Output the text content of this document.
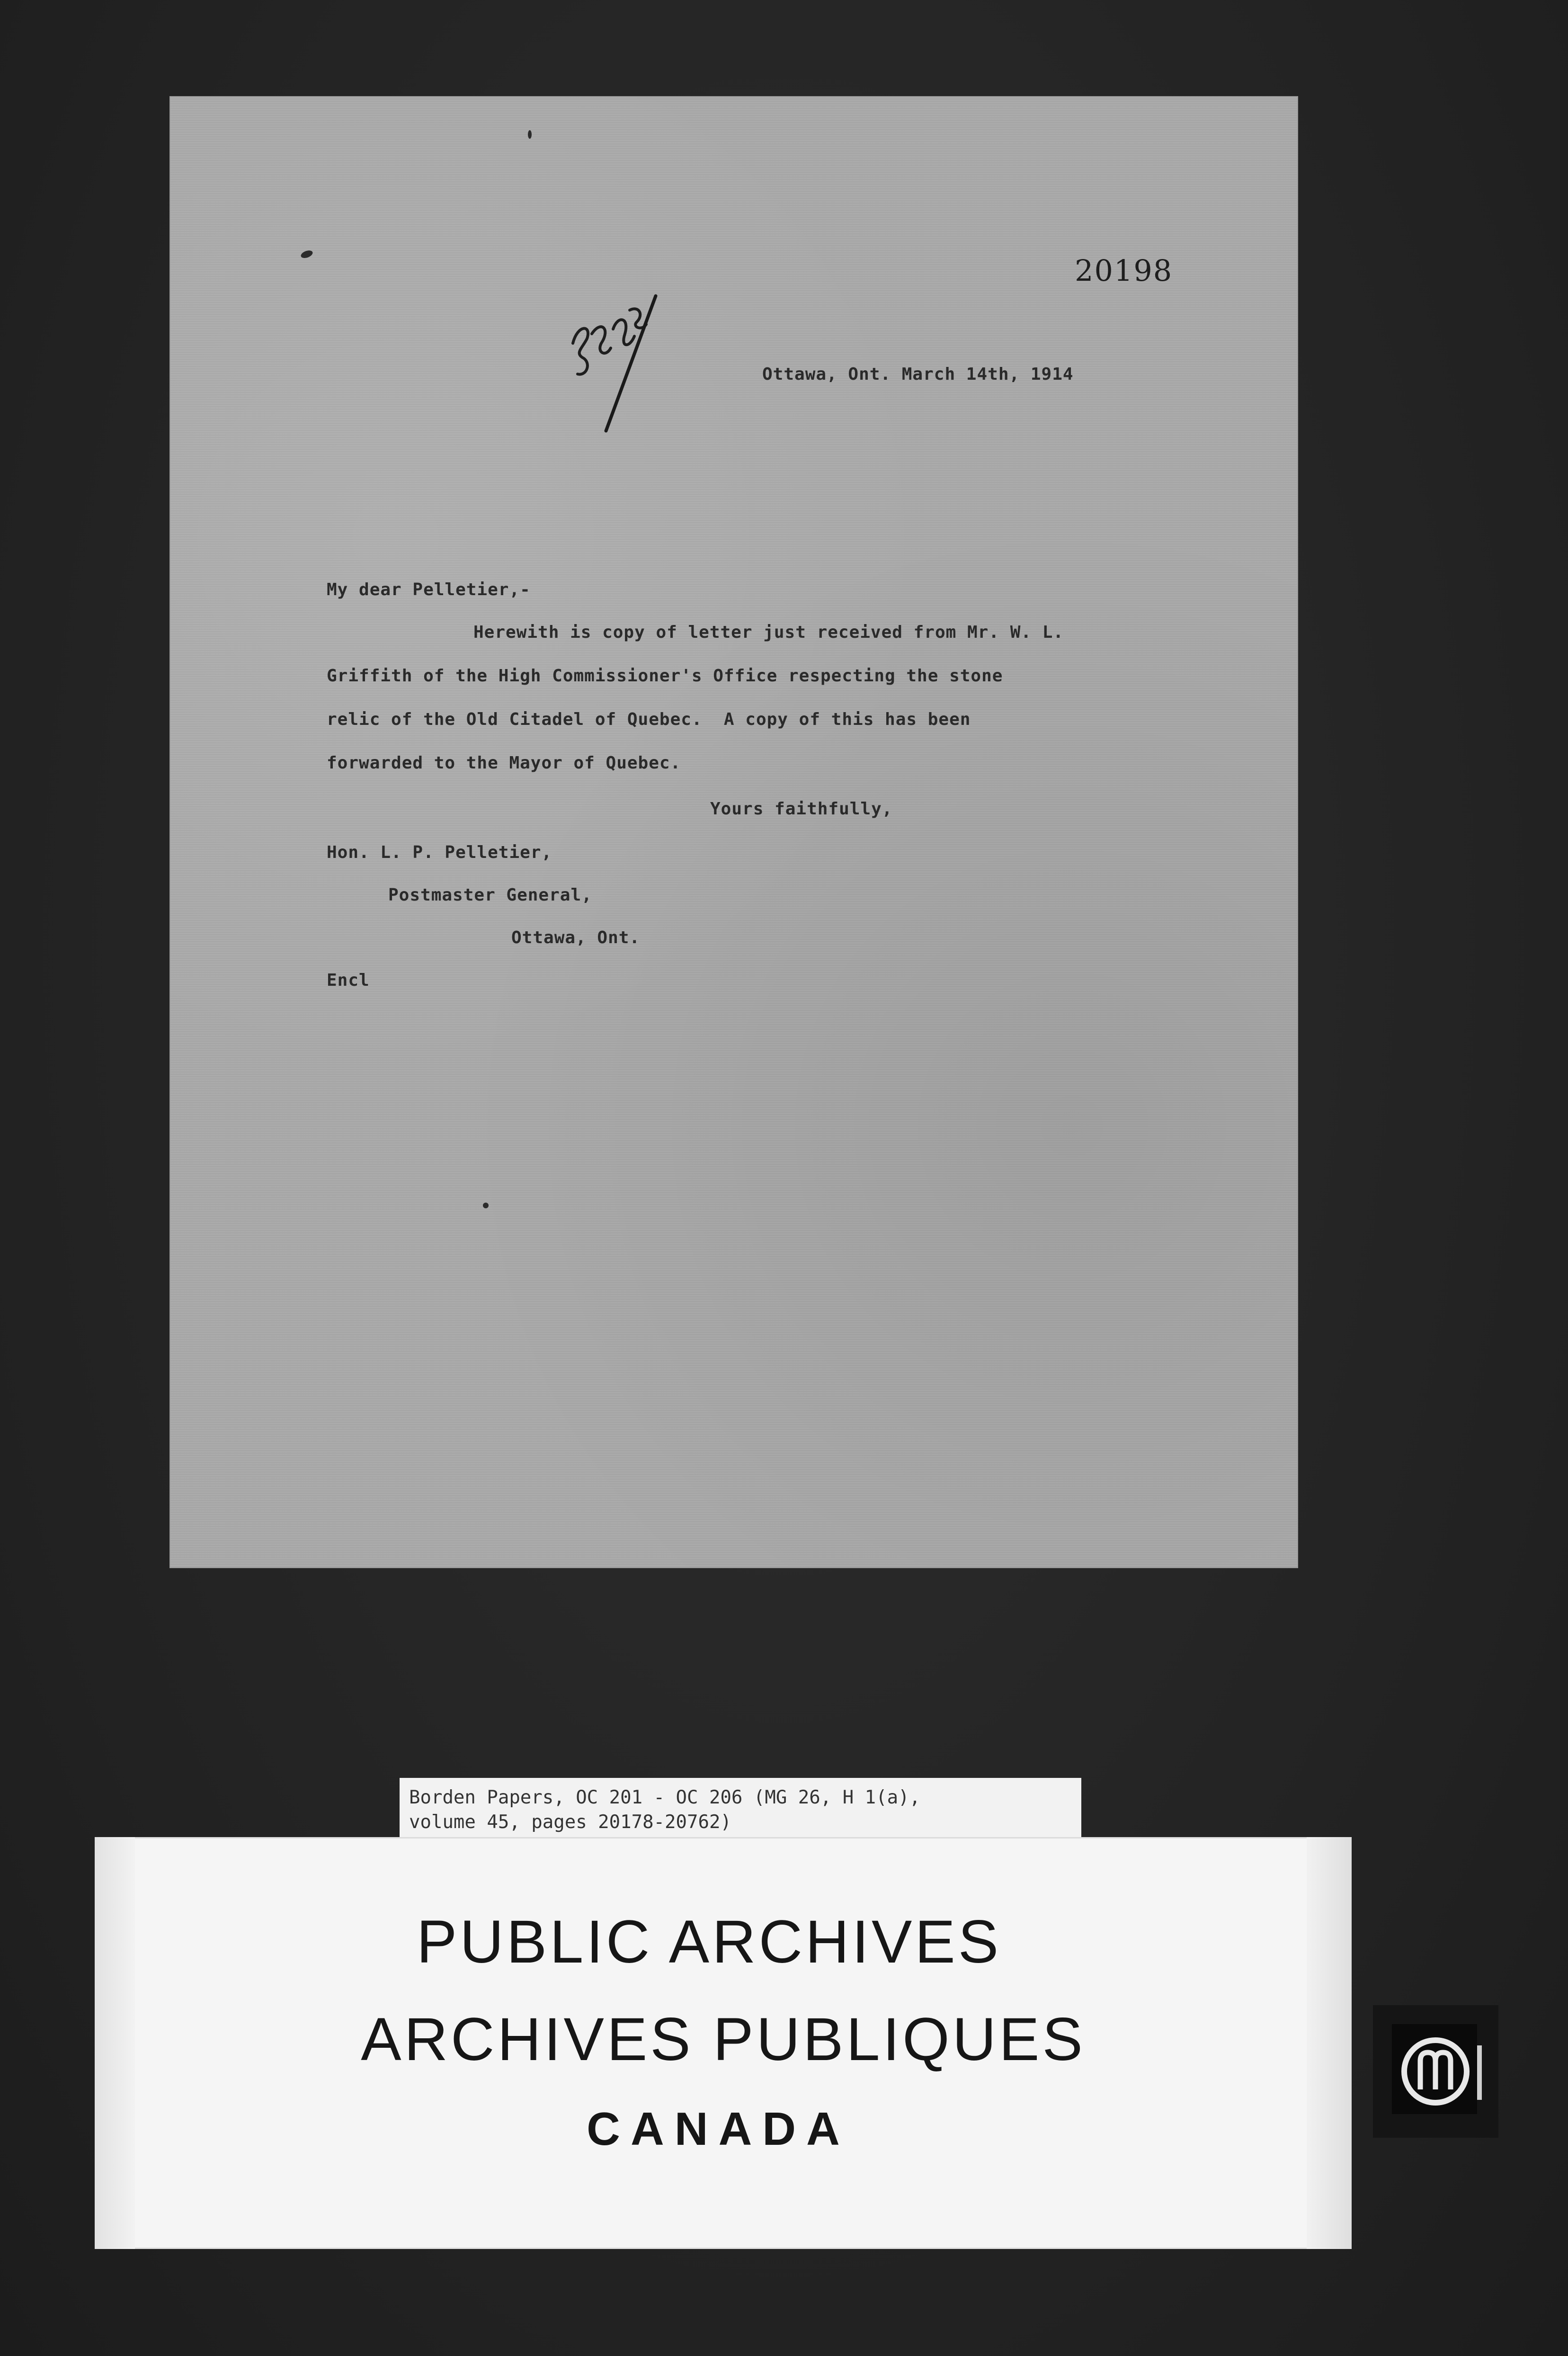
20198
Ottawa, Ont. March 14th, 1914
My dear Pelletier,-
Herewith is copy of letter just received from Mr. W. L.
Griffith of the High Commissioner's Office respecting the stone
relic of the Old Citadel of Quebec.  A copy of this has been
forwarded to the Mayor of Quebec.
Yours faithfully,
Hon. L. P. Pelletier,
Postmaster General,
Ottawa, Ont.
Encl
Borden Papers, OC 201 - OC 206 (MG 26, H 1(a),
volume 45, pages 20178-20762)
PUBLIC ARCHIVES
ARCHIVES PUBLIQUES
CANADA
